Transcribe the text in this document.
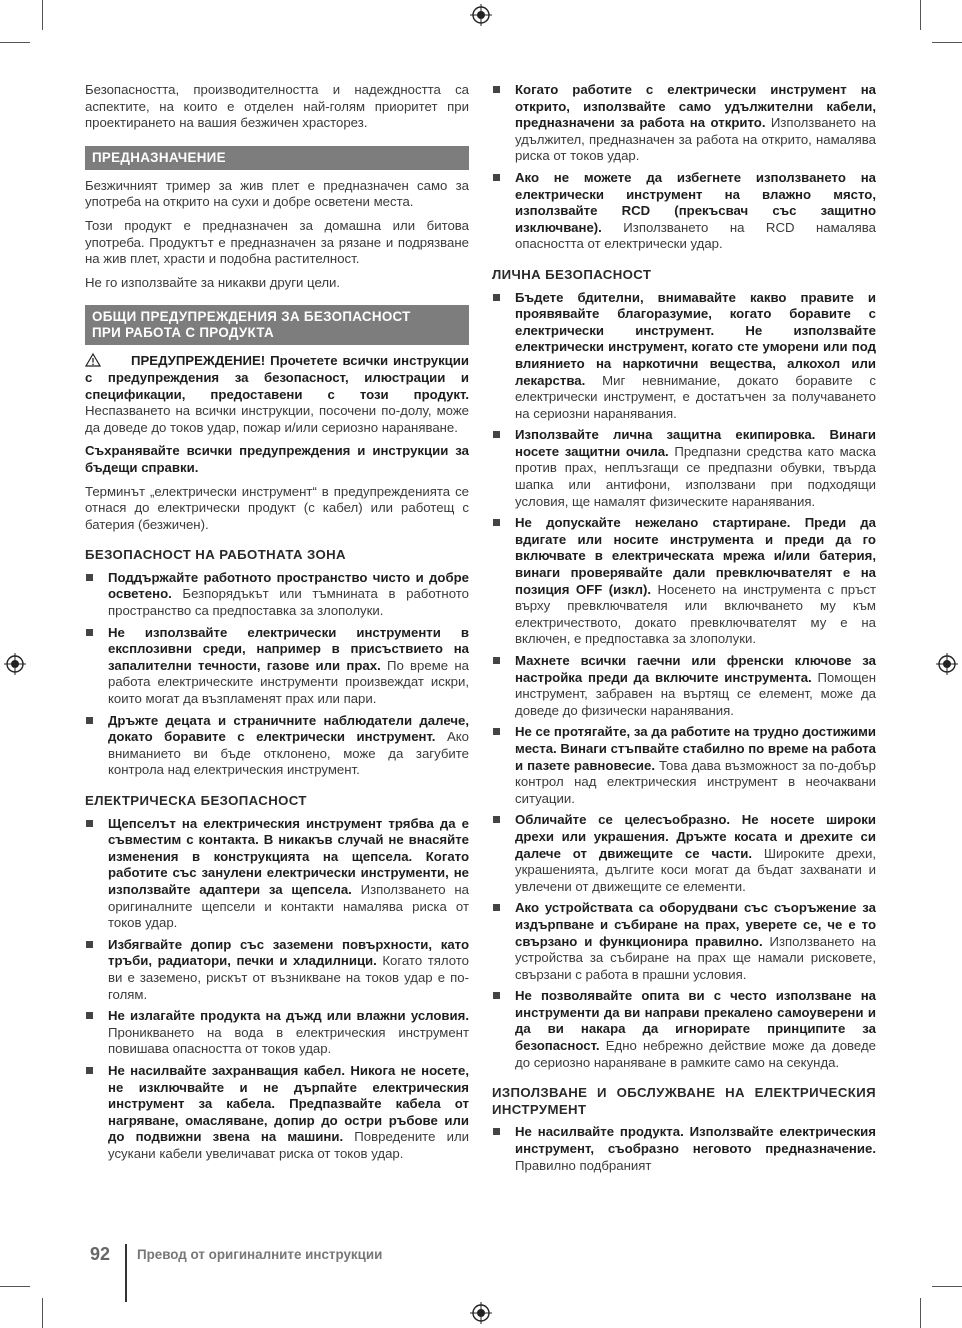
Безопасността, производителността и надеждността са аспектите, на които е отделен най-голям приоритет при проектирането на вашия безжичен храсторез.

ПРЕДНАЗНАЧЕНИЕ

Безжичният тример за жив плет е предназначен само за употреба на открито на сухи и добре осветени места.

Този продукт е предназначен за домашна или битова употреба. Продуктът е предназначен за рязане и подрязване на жив плет, храсти и подобна растителност.

Не го използвайте за никакви други цели.

ОБЩИ ПРЕДУПРЕЖДЕНИЯ ЗА БЕЗОПАСНОСТ
ПРИ РАБОТА С ПРОДУКТА

ПРЕДУПРЕЖДЕНИЕ! Прочетете всички инструкции с предупреждения за безопасност, илюстрации и спецификации, предоставени с този продукт. Неспазването на всички инструкции, посочени по-долу, може да доведе до токов удар, пожар и/или сериозно нараняване.

Съхранявайте всички предупреждения и инструкции за бъдещи справки.

Терминът „електрически инструмент“ в предупрежденията се отнася до електрически продукт (с кабел) или работещ с батерия (безжичен).

БЕЗОПАСНОСТ НА РАБОТНАТА ЗОНА
Поддържайте работното пространство чисто и добре осветено. Безпорядъкът или тъмнината в работното пространство са предпоставка за злополуки.
Не използвайте електрически инструменти в експлозивни среди, например в присъствието на запалителни течности, газове или прах. По време на работа електрическите инструменти произвеждат искри, които могат да възпламенят прах или пари.
Дръжте децата и страничните наблюдатели далече, докато боравите с електрически инструмент. Ако вниманието ви бъде отклонено, може да загубите контрола над електрическия инструмент.
ЕЛЕКТРИЧЕСКА БЕЗОПАСНОСТ
Щепселът на електрическия инструмент трябва да е съвместим с контакта. В никакъв случай не внасяйте изменения в конструкцията на щепсела. Когато работите със занулени електрически инструменти, не използвайте адаптери за щепсела. Използването на оригиналните щепсели и контакти намалява риска от токов удар.
Избягвайте допир със заземени повърхности, като тръби, радиатори, печки и хладилници. Когато тялото ви е заземено, рискът от възникване на токов удар е по-голям.
Не излагайте продукта на дъжд или влажни условия. Проникването на вода в електрическия инструмент повишава опасността от токов удар.
Не насилвайте захранващия кабел. Никога не носете, не изключвайте и не дърпайте електрическия инструмент за кабела. Предпазвайте кабела от нагряване, омасляване, допир до остри ръбове или до подвижни звена на машини. Повредените или усукани кабели увеличават риска от токов удар.
Когато работите с електрически инструмент на открито, използвайте само удължителни кабели, предназначени за работа на открито. Използването на удължител, предназначен за работа на открито, намалява риска от токов удар.
Ако не можете да избегнете използването на електрически инструмент на влажно място, използвайте RCD (прекъсвач със защитно изключване). Използването на RCD намалява опасността от електрически удар.
ЛИЧНА БЕЗОПАСНОСТ
Бъдете бдителни, внимавайте какво правите и проявявайте благоразумие, когато боравите с електрически инструмент. Не използвайте електрически инструмент, когато сте уморени или под влиянието на наркотични вещества, алкохол или лекарства. Миг невнимание, докато боравите с електрически инструмент, е достатъчен за получаването на сериозни наранявания.
Използвайте лична защитна екипировка. Винаги носете защитни очила. Предпазни средства като маска против прах, неплъзгащи се предпазни обувки, твърда шапка или антифони, използвани при подходящи условия, ще намалят физическите наранявания.
Не допускайте нежелано стартиране. Преди да вдигате или носите инструмента и преди да го включвате в електрическата мрежа и/или батерия, винаги проверявайте дали превключвателят е на позиция OFF (изкл). Носенето на инструмента с пръст върху превключвателя или включването му към електричеството, докато превключвателят му е на включен, е предпоставка за злополуки.
Махнете всички гаечни или френски ключове за настройка преди да включите инструмента. Помощен инструмент, забравен на въртящ се елемент, може да доведе до физически наранявания.
Не се протягайте, за да работите на трудно достижими места. Винаги стъпвайте стабилно по време на работа и пазете равновесие. Това дава възможност за по-добър контрол над електрическия инструмент в неочаквани ситуации.
Обличайте се целесъобразно. Не носете широки дрехи или украшения. Дръжте косата и дрехите си далече от движещите се части. Широките дрехи, украшенията, дългите коси могат да бъдат захванати и увлечени от движещите се елементи.
Ако устройствата са оборудвани със съоръжение за издърпване и събиране на прах, уверете се, че е то свързано и функционира правилно. Използването на устройства за събиране на прах ще намали рисковете, свързани с работа в прашни условия.
Не позволявайте опита ви с често използване на инструменти да ви направи прекалено самоуверени и да ви накара да игнорирате принципите за безопасност. Едно небрежно действие може да доведе до сериозно нараняване в рамките само на секунда.
ИЗПОЛЗВАНЕ И ОБСЛУЖВАНЕ НА ЕЛЕКТРИЧЕСКИЯ ИНСТРУМЕНТ
Не насилвайте продукта. Използвайте електрическия инструмент, съобразно неговото предназначение. Правилно подбраният
92 Превод от оригиналните инструкции
